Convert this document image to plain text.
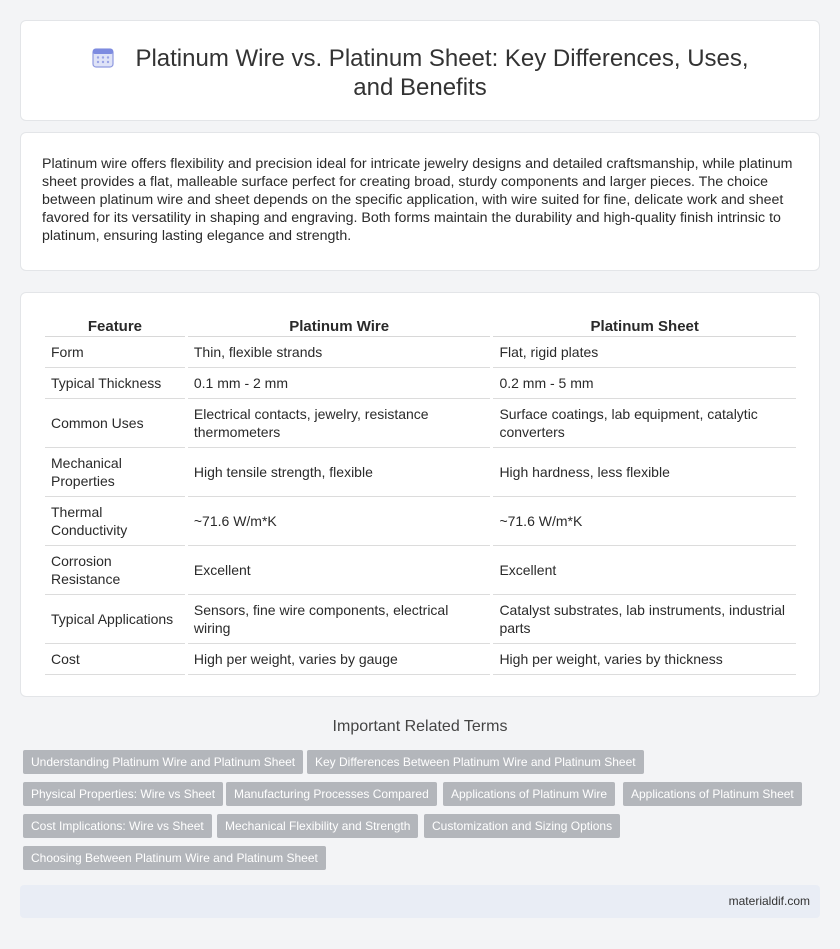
Platinum Wire vs. Platinum Sheet: Key Differences, Uses, and Benefits

Platinum wire offers flexibility and precision ideal for intricate jewelry designs and detailed craftsmanship, while platinum sheet provides a flat, malleable surface perfect for creating broad, sturdy components and larger pieces. The choice between platinum wire and sheet depends on the specific application, with wire suited for fine, delicate work and sheet favored for its versatility in shaping and engraving. Both forms maintain the durability and high-quality finish intrinsic to platinum, ensuring lasting elegance and strength.

Feature	Platinum Wire	Platinum Sheet
Form	Thin, flexible strands	Flat, rigid plates
Typical Thickness	0.1 mm - 2 mm	0.2 mm - 5 mm
Common Uses	Electrical contacts, jewelry, resistance thermometers	Surface coatings, lab equipment, catalytic converters
Mechanical Properties	High tensile strength, flexible	High hardness, less flexible
Thermal Conductivity	~71.6 W/m*K	~71.6 W/m*K
Corrosion Resistance	Excellent	Excellent
Typical Applications	Sensors, fine wire components, electrical wiring	Catalyst substrates, lab instruments, industrial parts
Cost	High per weight, varies by gauge	High per weight, varies by thickness
Important Related Terms
Understanding Platinum Wire and Platinum Sheet	Key Differences Between Platinum Wire and Platinum Sheet
Physical Properties: Wire vs Sheet	Manufacturing Processes Compared	Applications of Platinum Wire	Applications of Platinum Sheet
Cost Implications: Wire vs Sheet	Mechanical Flexibility and Strength	Customization and Sizing Options
Choosing Between Platinum Wire and Platinum Sheet
materialdif.com
